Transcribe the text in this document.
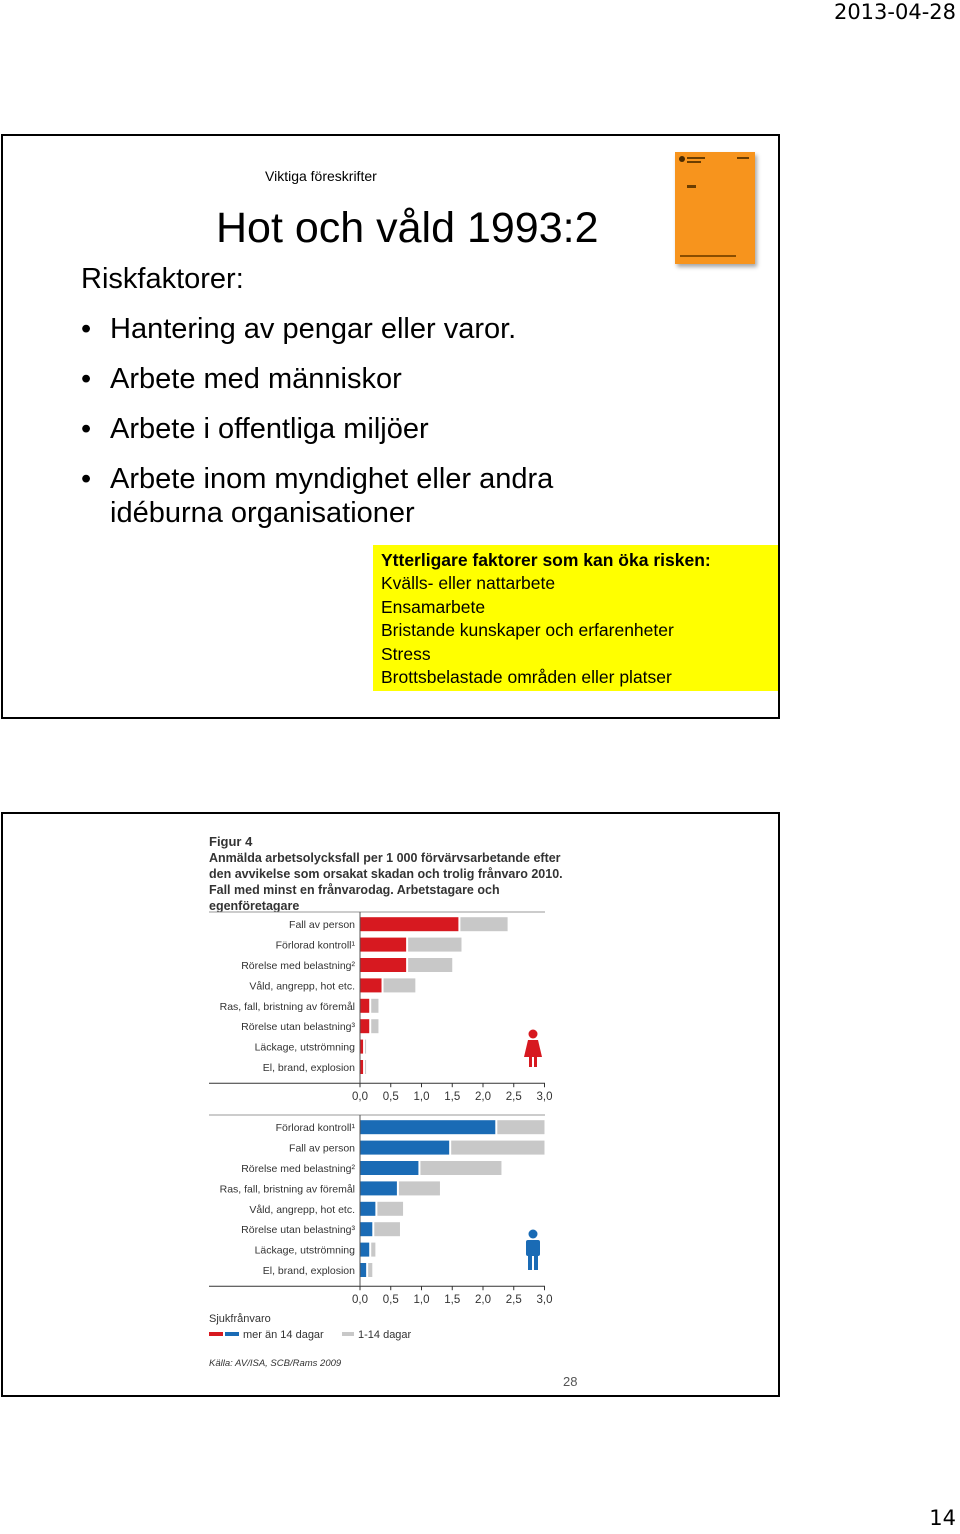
2013-04-28
Viktiga föreskrifter
Hot och våld 1993:2
Riskfaktorer:
• Hantering av pengar eller varor.
• Arbete med människor
• Arbete i offentliga miljöer
• Arbete inom myndighet eller andra idéburna organisationer
Ytterligare faktorer som kan öka risken:
Kvälls- eller nattarbete
Ensamarbete
Bristande kunskaper och erfarenheter
Stress
Brottsbelastade områden eller platser
Figur 4
Anmälda arbetsolycksfall per 1 000 förvärvsarbetande efter den avvikelse som orsakat skadan och trolig frånvaro 2010. Fall med minst en frånvarodag. Arbetstagare och egenföretagare
Fall av person
Förlorad kontroll¹
Rörelse med belastning²
Våld, angrepp, hot etc.
Ras, fall, bristning av föremål
Rörelse utan belastning³
Läckage, utströmning
El, brand, explosion
0,0 0,5 1,0 1,5 2,0 2,5 3,0
Förlorad kontroll¹
Fall av person
Rörelse med belastning²
Ras, fall, bristning av föremål
Våld, angrepp, hot etc.
Rörelse utan belastning³
Läckage, utströmning
El, brand, explosion
0,0 0,5 1,0 1,5 2,0 2,5 3,0
Sjukfrånvaro
mer än 14 dagar	1-14 dagar
Källa: AV/ISA, SCB/Rams 2009
28
14
